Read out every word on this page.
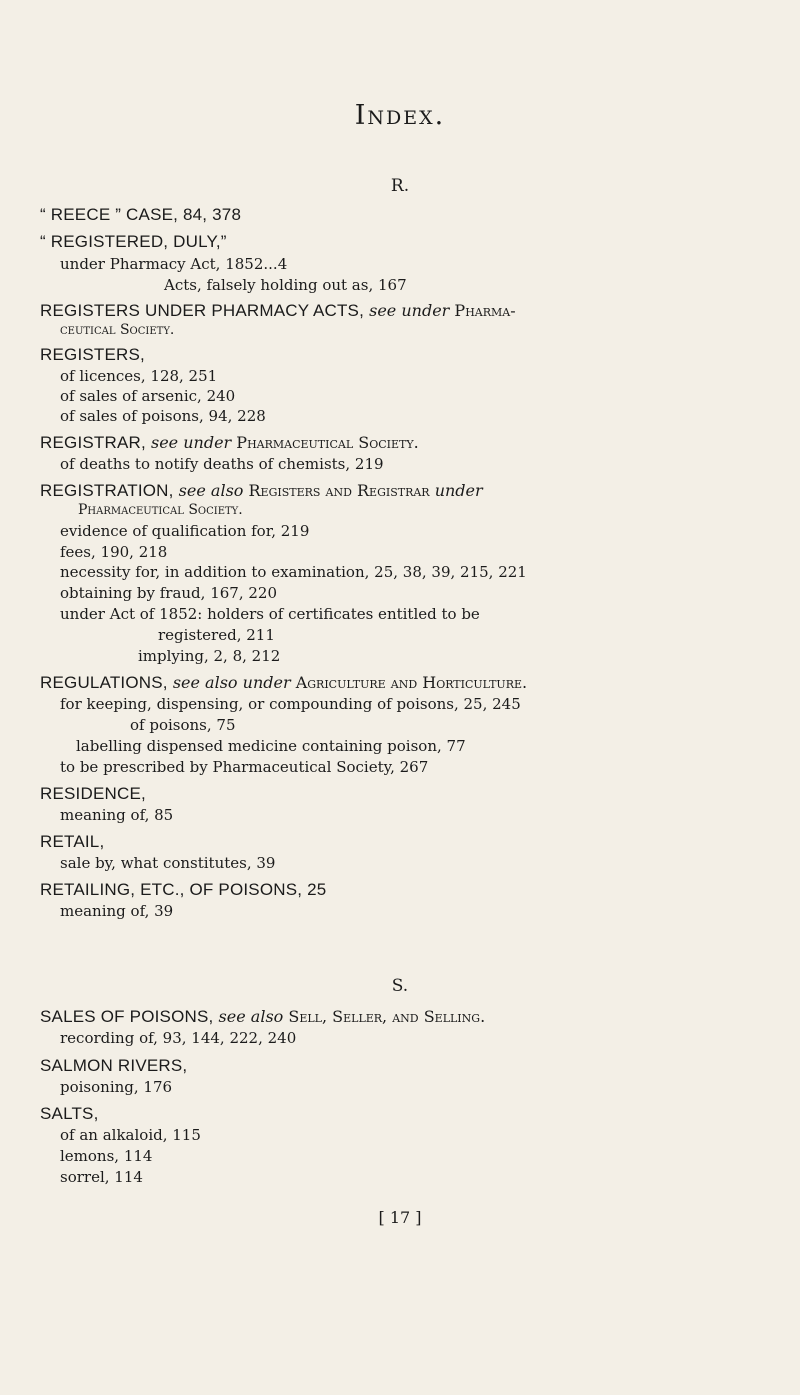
Index.
R.
“ REECE ” CASE, 84, 378
“ REGISTERED, DULY,”
under Pharmacy Act, 1852...4
Acts, falsely holding out as, 167
REGISTERS UNDER PHARMACY ACTS, see under Pharma-
ceutical Society.
REGISTERS,
of licences, 128, 251
of sales of arsenic, 240
of sales of poisons, 94, 228
REGISTRAR, see under Pharmaceutical Society.
of deaths to notify deaths of chemists, 219
REGISTRATION, see also Registers and Registrar under
Pharmaceutical Society.
evidence of qualification for, 219
fees, 190, 218
necessity for, in addition to examination, 25, 38, 39, 215, 221
obtaining by fraud, 167, 220
under Act of 1852: holders of certificates entitled to be
registered, 211
implying, 2, 8, 212
REGULATIONS, see also under Agriculture and Horticulture.
for keeping, dispensing, or compounding of poisons, 25, 245
of poisons, 75
labelling dispensed medicine containing poison, 77
to be prescribed by Pharmaceutical Society, 267
RESIDENCE,
meaning of, 85
RETAIL,
sale by, what constitutes, 39
RETAILING, ETC., OF POISONS, 25
meaning of, 39
S.
SALES OF POISONS, see also Sell, Seller, and Selling.
recording of, 93, 144, 222, 240
SALMON RIVERS,
poisoning, 176
SALTS,
of an alkaloid, 115
lemons, 114
sorrel, 114
[ 17 ]
